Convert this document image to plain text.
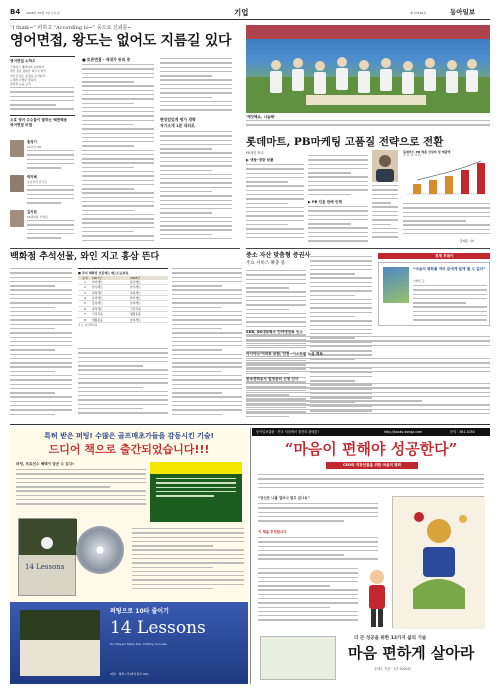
B4 2008년 10월 7일 수요일	기업	제 27692호	동아일보
“I think~” 피하고 “According to~” 등으로 신뢰를~
영어면접, 왕도는 없어도 지름길 있다
영어면접 노하우
간결하고 명확하게 표현하라
예상 질문 답변은 외우지 마라
자신감 있는 표정을 유지하라
구체적 사례로 말하라
면접관 눈을 보라
오호 영어 고수들이 말하는 백면백용 영어면접 비결
홍정기
LG전자 HR
박지혜
삼성전자 인사팀
김지원
SK텔레콤 인재원
■ 토론면접 · 세대가 동의 중
현장감있게 평가 경력
자기소개 1분 내외로
'깨끗해요, 나눔해'
롯데마트, PB마케팅 고품질 전략으로 전환
PB제품 확대
▶ 냉동·냉장 상품
▶ PB 인분 판매 인력
롯데마트 PB 매출 건설비 및 매출액
(단위: %, 억원)
황태훈 기자
백화점 추석선물, 와인 지고 홍삼 뜬다
■ 추석 백화점 선물세트 베스트순위표
순위	2007년	2008년
1	와인세트	홍삼세트
2	한우세트	한우세트
3	과일세트	과일세트
4	굴비세트	와인세트
5	홍삼세트	굴비세트
6	참치세트	건강식품
7	건강식품	생활용품
8	생활용품	참치세트
자료: 현대백화점
중소 자산 맞춤형 증권사
주요 서비스 확충 중
경제 투데이
SKB, SK네트웍스 인터넷전화 인수
아시아나·이마트 보험, 인천~이스탄불 노선 개척
한국전력공사 법정관리 신청 인사
“마음의 평화를 여러 분에게 알게 될 수 없다”
이해인 글
특허 받은 퍼팅! 수많은 골프매초가들을 감동시킨 기술!
드디어 책으로 출간되었습니다!!!
퍼팅, 프로선수 혜택이 담은 수 있다!
14 Lessons
퍼팅으로 10타 줄이기
14 Lessons
for Players Make Pop, Putting Success
저자 · 영상 (주)마이골프 KCL
동아일보출판 · 전국 서점에서 절찬리 판매중!	http://books.donga.com	문의 : 361-1030
“마음이 편해야 성공한다”
CEO와 직장인들을 위한 마음의 평화
“당신은 나를 얼마나 알고 있나요”
이 책을 추천합니다
더 큰 성공을 위한 12가지 삶의 기술
마음 편하게 살아라
송태수 지음 · 1만 4000원
